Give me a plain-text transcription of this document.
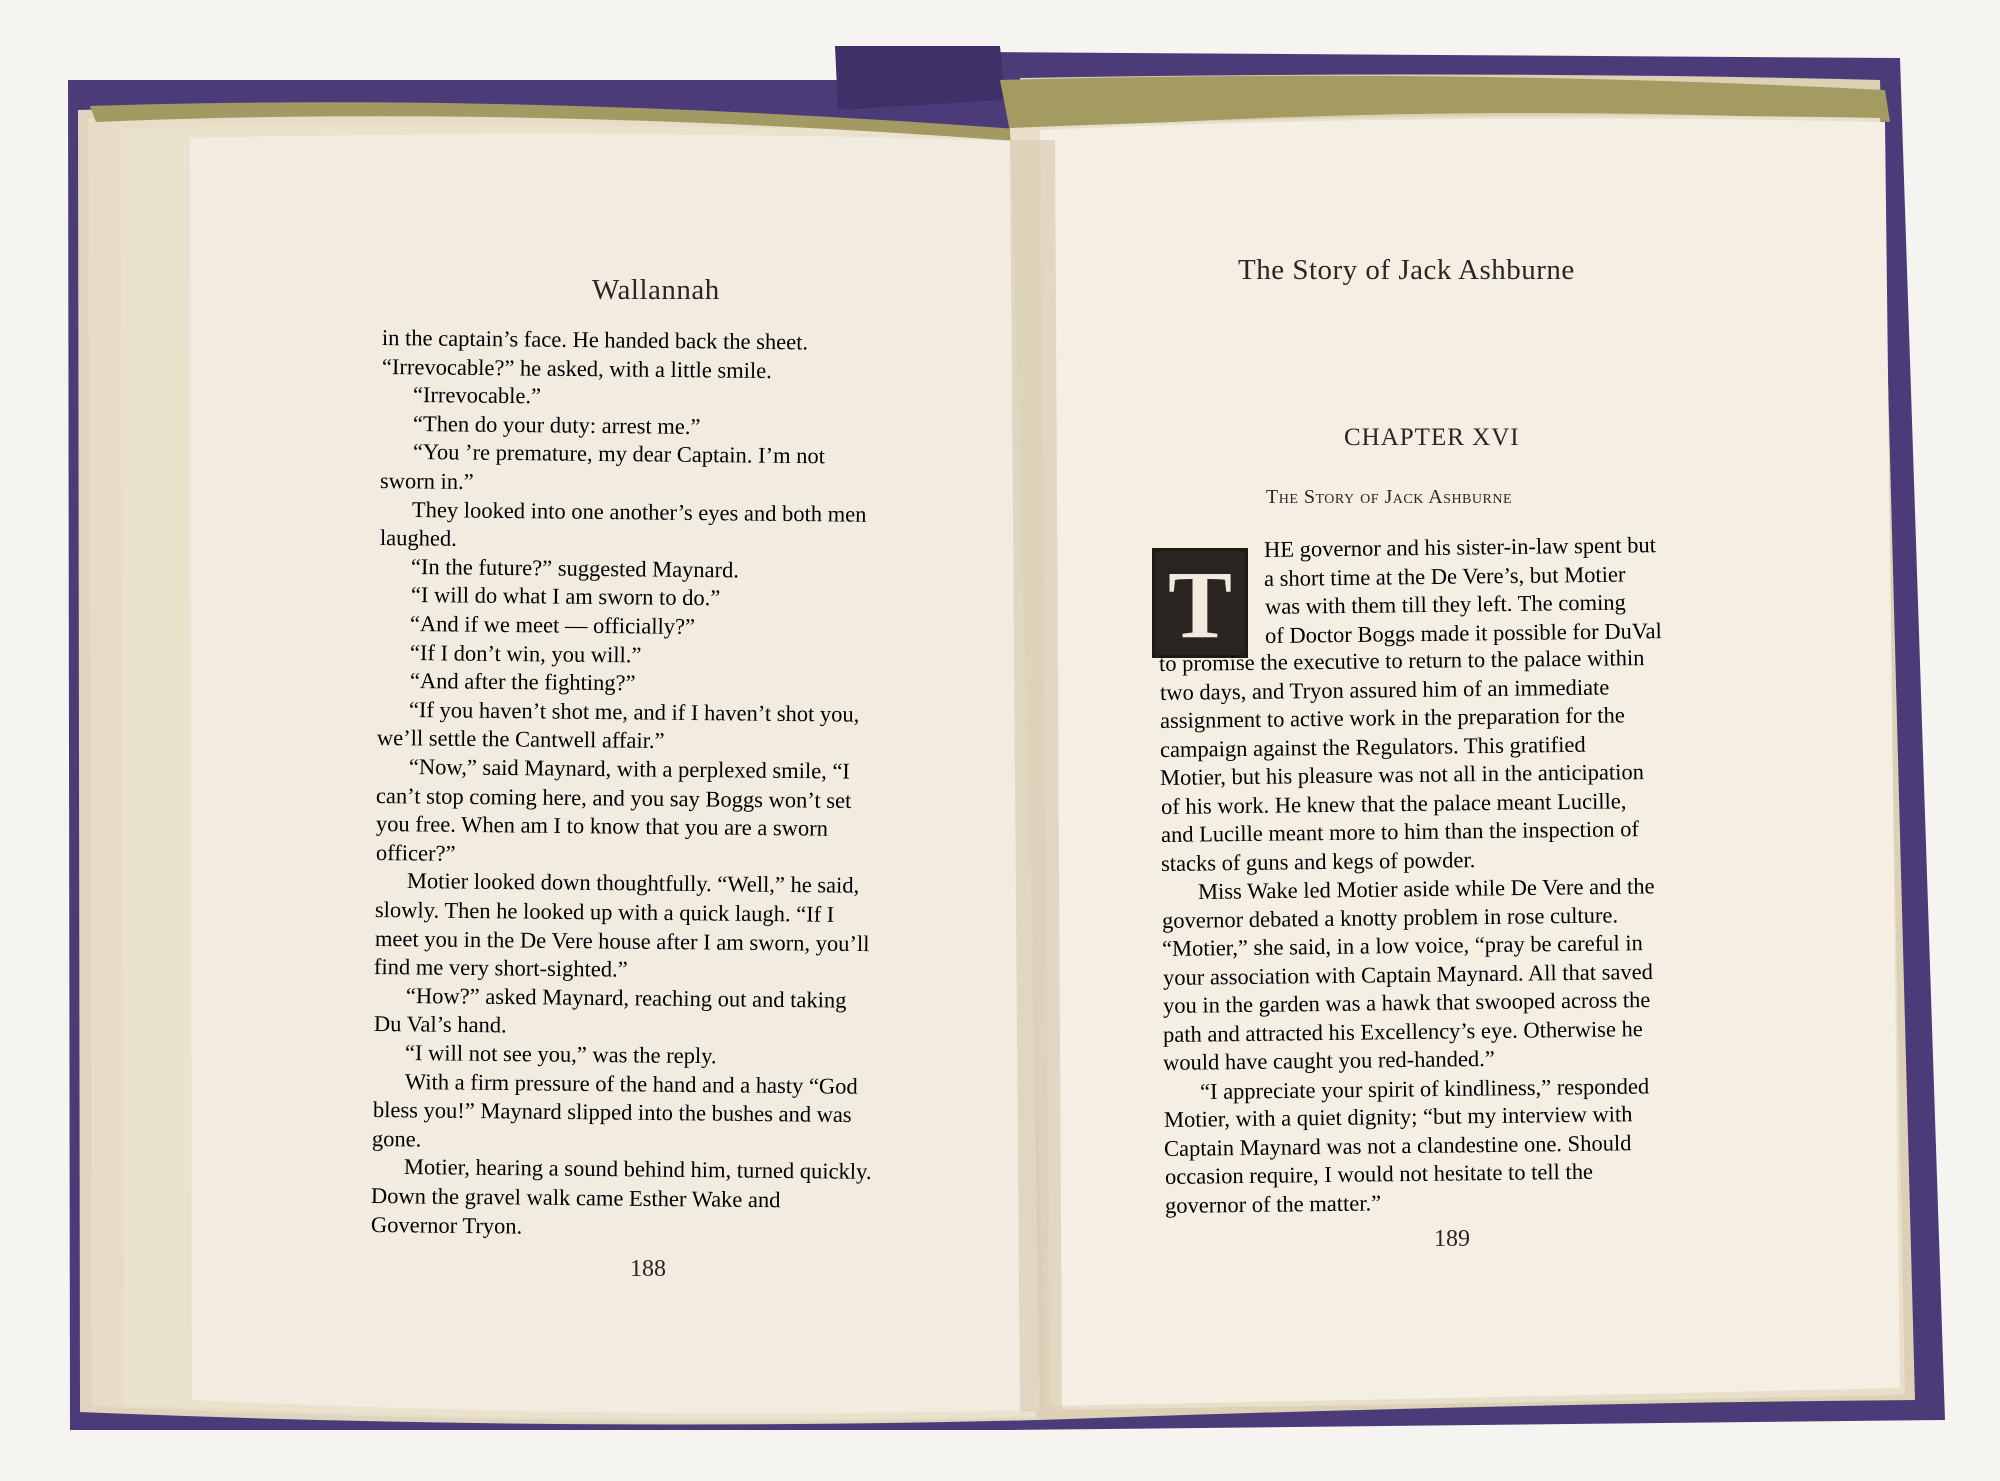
Wallannah
in the captain’s face. He handed back the sheet.
“Irrevocable?” he asked, with a little smile.
“Irrevocable.”
“Then do your duty: arrest me.”
“You ’re premature, my dear Captain. I’m not
sworn in.”
They looked into one another’s eyes and both men
laughed.
“In the future?” suggested Maynard.
“I will do what I am sworn to do.”
“And if we meet — officially?”
“If I don’t win, you will.”
“And after the fighting?”
“If you haven’t shot me, and if I haven’t shot you,
we’ll settle the Cantwell affair.”
“Now,” said Maynard, with a perplexed smile, “I
can’t stop coming here, and you say Boggs won’t set
you free. When am I to know that you are a sworn
officer?”
Motier looked down thoughtfully. “Well,” he said,
slowly. Then he looked up with a quick laugh. “If I
meet you in the De Vere house after I am sworn, you’ll
find me very short-sighted.”
“How?” asked Maynard, reaching out and taking
Du Val’s hand.
“I will not see you,” was the reply.
With a firm pressure of the hand and a hasty “God
bless you!” Maynard slipped into the bushes and was
gone.
Motier, hearing a sound behind him, turned quickly.
Down the gravel walk came Esther Wake and
Governor Tryon.
188
The Story of Jack Ashburne
CHAPTER XVI
The Story of Jack Ashburne
T
HE governor and his sister-in-law spent but
a short time at the De Vere’s, but Motier
was with them till they left. The coming
of Doctor Boggs made it possible for DuVal
to promise the executive to return to the palace within
two days, and Tryon assured him of an immediate
assignment to active work in the preparation for the
campaign against the Regulators. This gratified
Motier, but his pleasure was not all in the anticipation
of his work. He knew that the palace meant Lucille,
and Lucille meant more to him than the inspection of
stacks of guns and kegs of powder.
Miss Wake led Motier aside while De Vere and the
governor debated a knotty problem in rose culture.
“Motier,” she said, in a low voice, “pray be careful in
your association with Captain Maynard. All that saved
you in the garden was a hawk that swooped across the
path and attracted his Excellency’s eye. Otherwise he
would have caught you red-handed.”
“I appreciate your spirit of kindliness,” responded
Motier, with a quiet dignity; “but my interview with
Captain Maynard was not a clandestine one. Should
occasion require, I would not hesitate to tell the
governor of the matter.”
189
